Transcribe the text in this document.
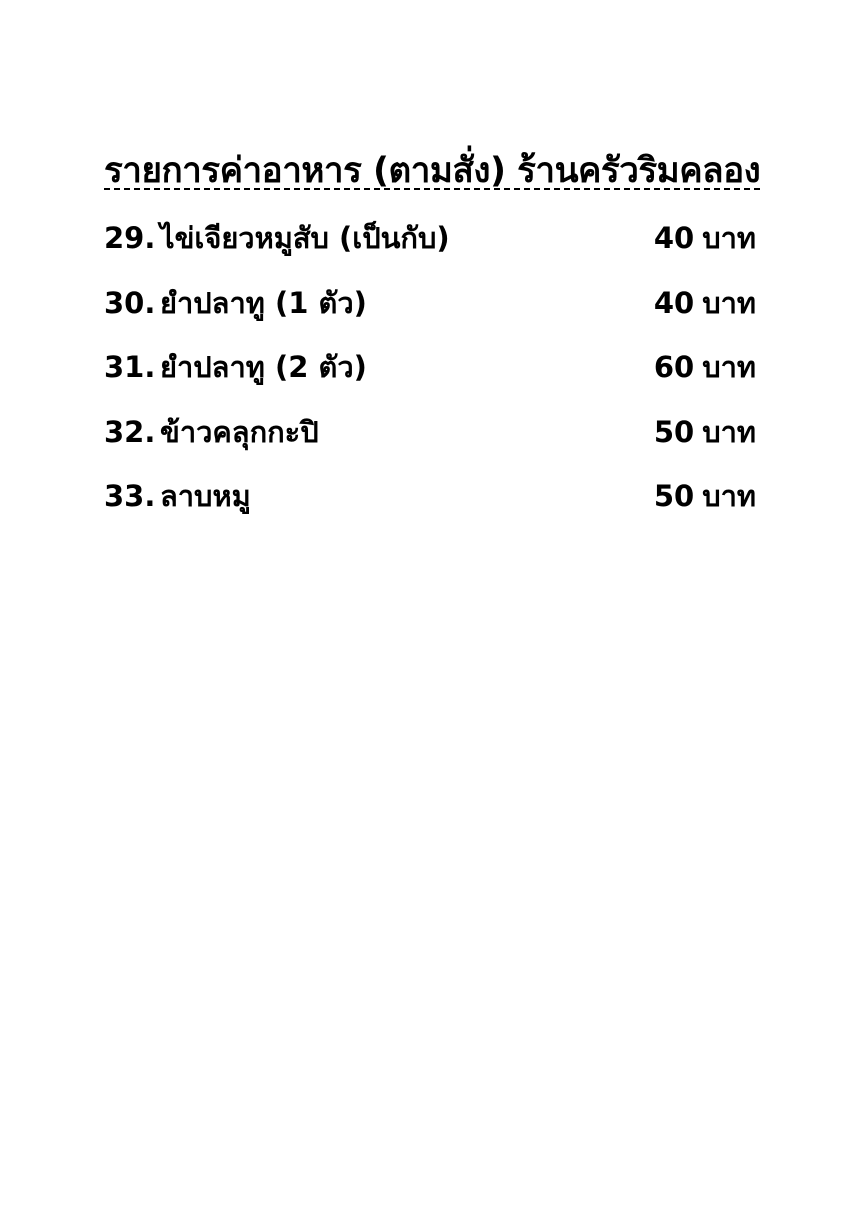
รายการค่าอาหาร (ตามสั่ง) ร้านครัวริมคลอง
29. ไข่เจียวหมูสับ (เป็นกับ)	40 บาท
30. ยำปลาทู (1 ตัว)	40 บาท
31. ยำปลาทู (2 ตัว)	60 บาท
32. ข้าวคลุกกะปิ	50 บาท
33. ลาบหมู	50 บาท
